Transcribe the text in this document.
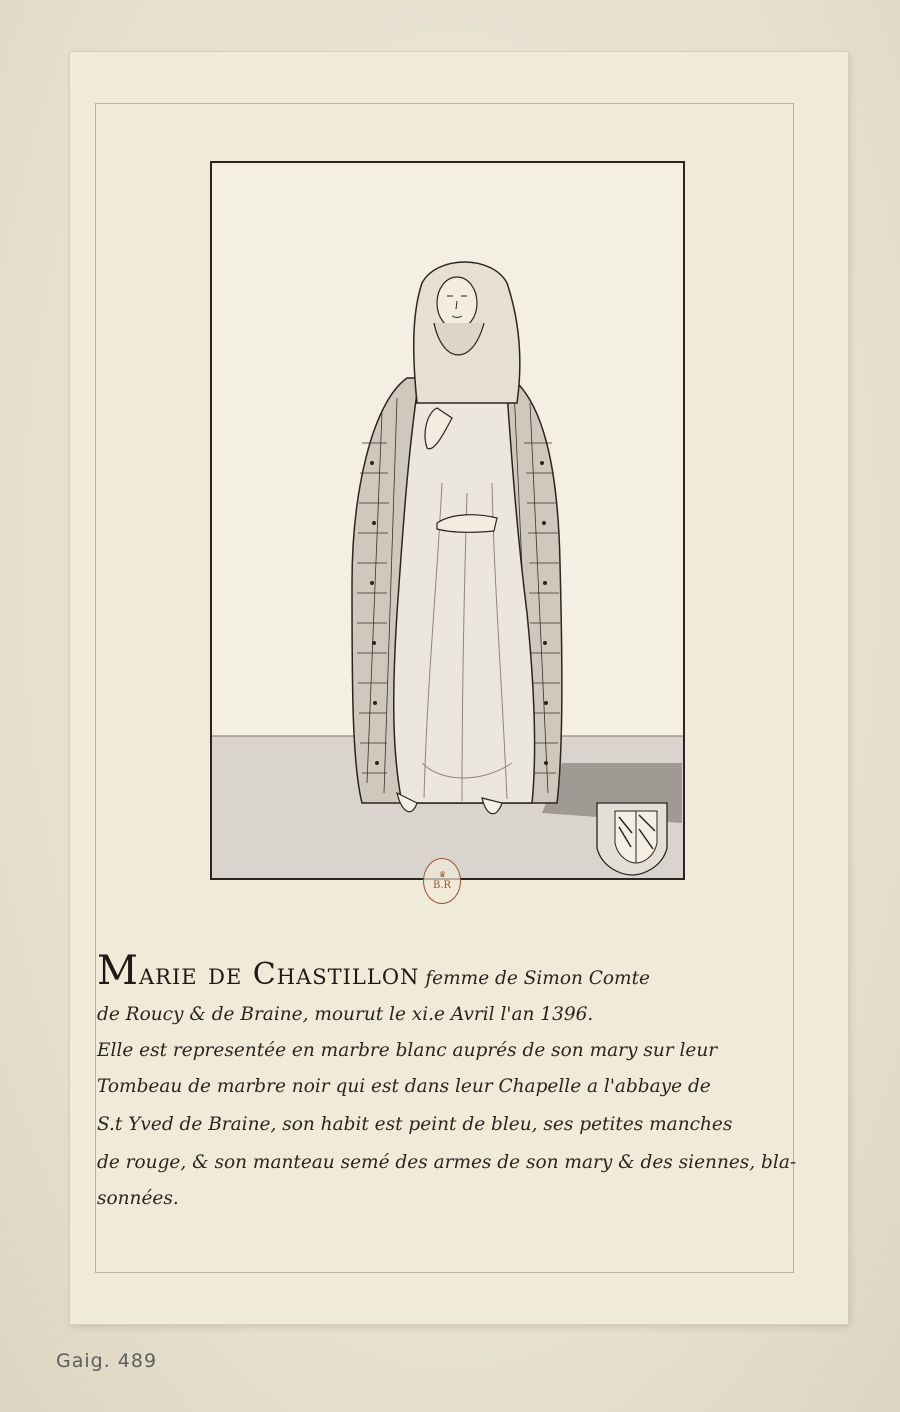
♛
B.R
Marie de Chastillon femme de Simon Comte
de Roucy & de Braine, mourut le xi.e Avril l'an 1396.
Elle est representée en marbre blanc auprés de son mary sur leur
Tombeau de marbre noir qui est dans leur Chapelle a l'abbaye de
S.t Yved de Braine, son habit est peint de bleu, ses petites manches
de rouge, & son manteau semé des armes de son mary & des siennes, bla-
sonnées.
Gaig. 489
